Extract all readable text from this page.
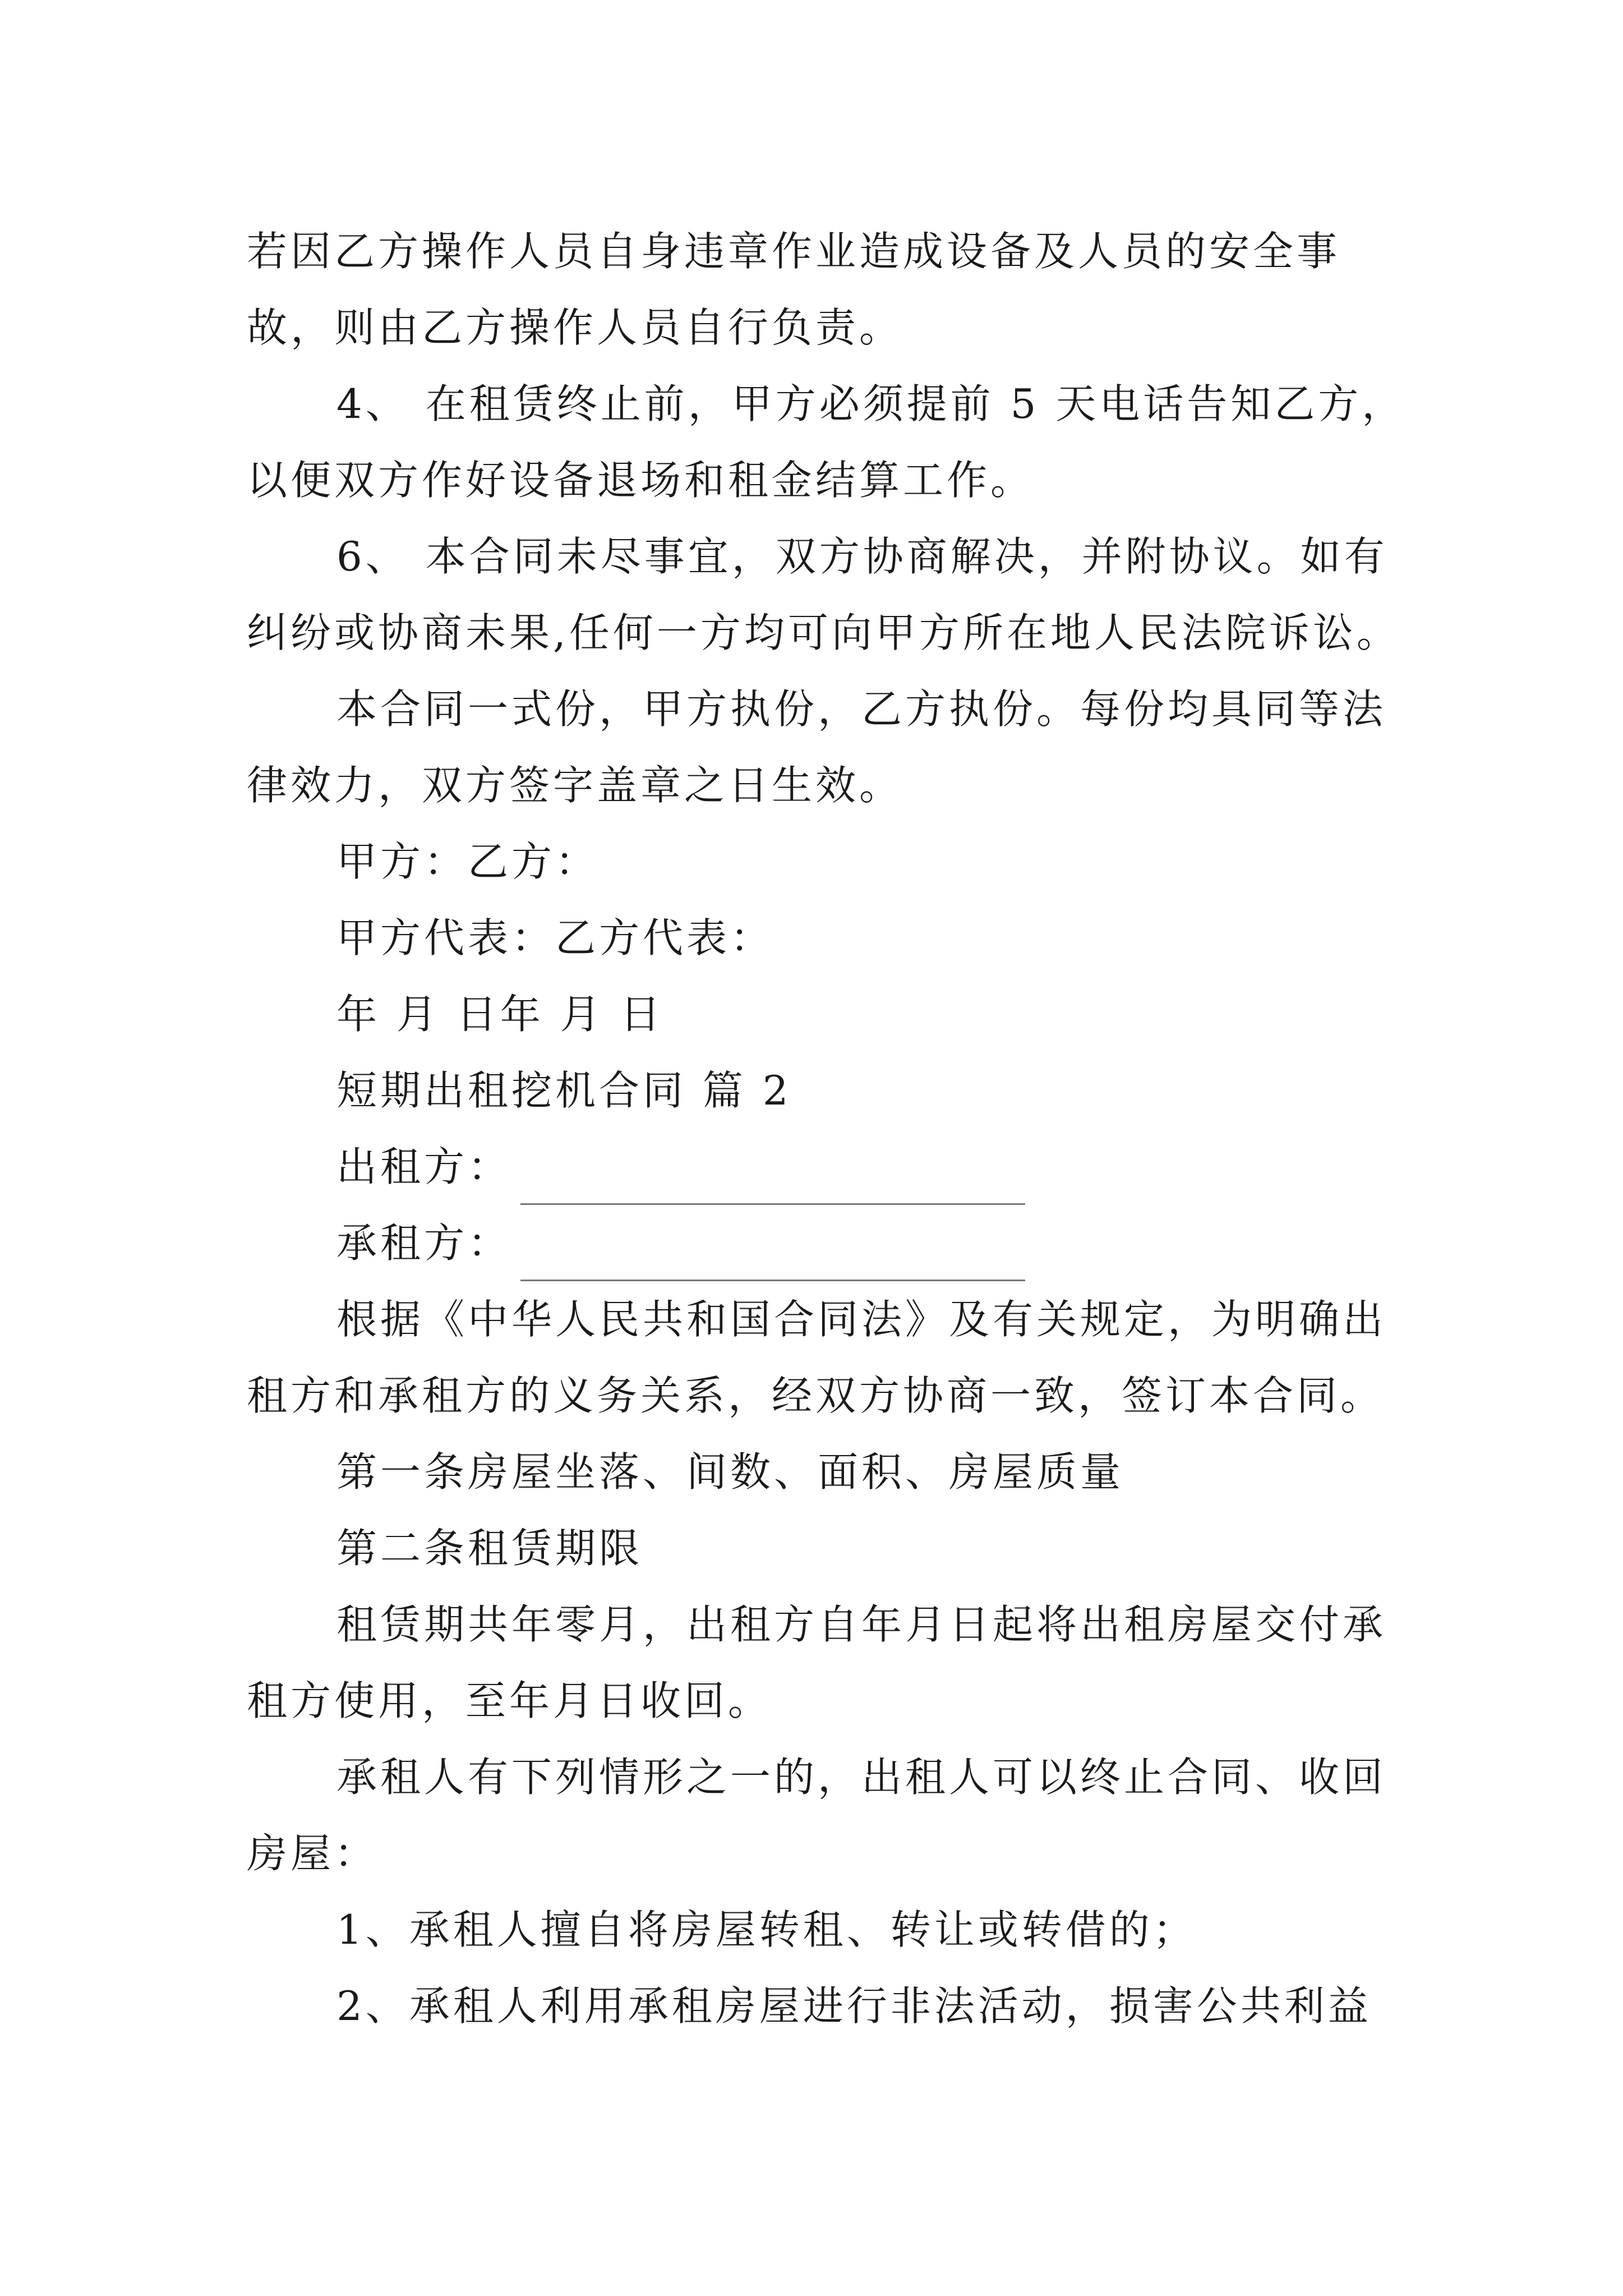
若因乙方操作人员自身违章作业造成设备及人员的安全事
故，则由乙方操作人员自行负责。
4、 在租赁终止前，甲方必须提前 5 天电话告知乙方，
以便双方作好设备退场和租金结算工作。
6、 本合同未尽事宜，双方协商解决，并附协议。如有
纠纷或协商未果,任何一方均可向甲方所在地人民法院诉讼。
本合同一式份，甲方执份，乙方执份。每份均具同等法
律效力，双方签字盖章之日生效。
甲方：乙方：
甲方代表：乙方代表：
年 月 日年 月 日
短期出租挖机合同 篇 2
出租方：
承租方：
根据《中华人民共和国合同法》及有关规定，为明确出
租方和承租方的义务关系，经双方协商一致，签订本合同。
第一条房屋坐落、间数、面积、房屋质量
第二条租赁期限
租赁期共年零月，出租方自年月日起将出租房屋交付承
租方使用，至年月日收回。
承租人有下列情形之一的，出租人可以终止合同、收回
房屋：
1、承租人擅自将房屋转租、转让或转借的；
2、承租人利用承租房屋进行非法活动，损害公共利益
